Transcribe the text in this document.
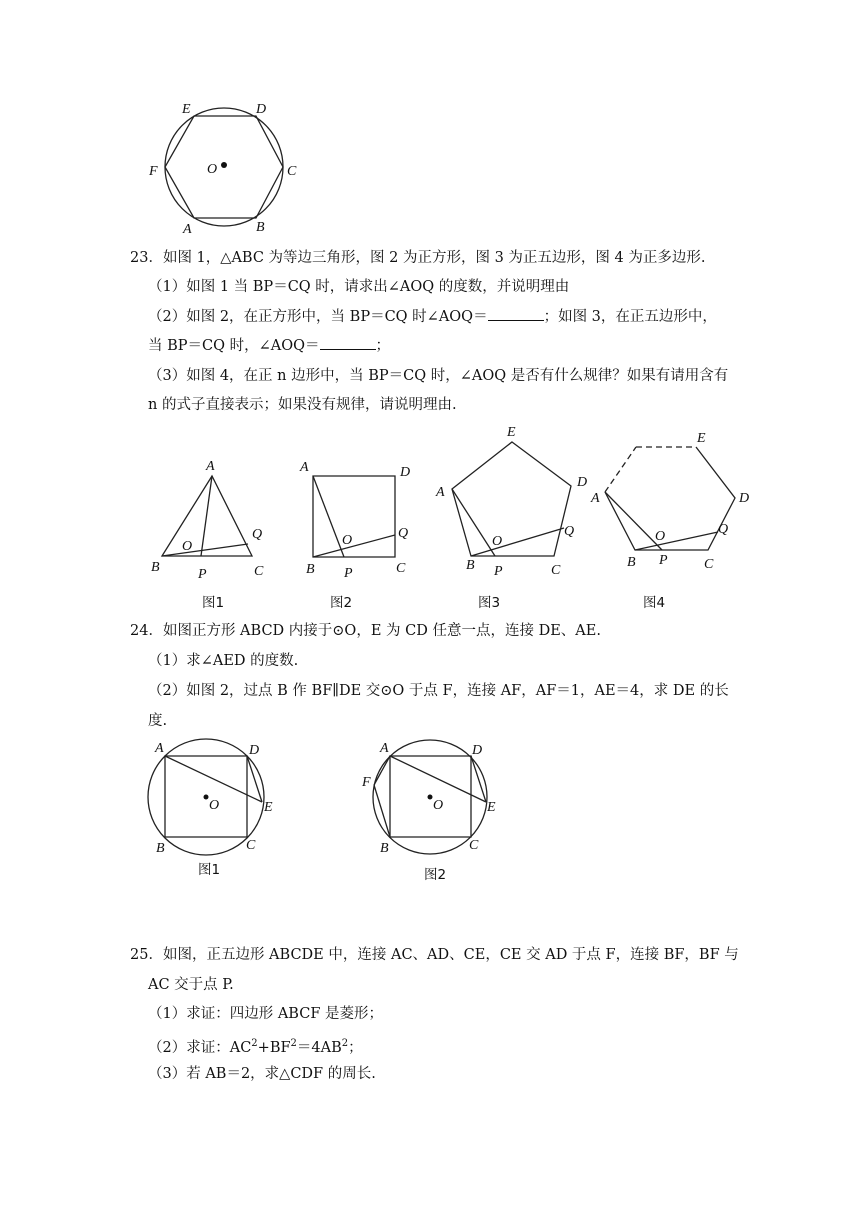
E	D
F	O	C
A	B
23．如图 1，△ABC 为等边三角形，图 2 为正方形，图 3 为正五边形，图 4 为正多边形.
（1）如图 1 当 BP＝CQ 时，请求出∠AOQ 的度数，并说明理由
（2）如图 2，在正方形中，当 BP＝CQ 时∠AOQ＝	；如图 3，在正五边形中，
当 BP＝CQ 时，∠AOQ＝	；
（3）如图 4，在正 n 边形中，当 BP＝CQ 时，∠AOQ 是否有什么规律？如果有请用含有
n 的式子直接表示；如果没有规律，请说明理由.
A
B	C
O
P
Q
图1
A	D
B	C
O
P
Q
图2
E
D
A
B	C
O
P
Q
图3
E
D
A
B	C
O
P
Q
图4
24．如图正方形 ABCD 内接于⊙O，E 为 CD 任意一点，连接 DE、AE.
（1）求∠AED 的度数.
（2）如图 2，过点 B 作 BF∥DE 交⊙O 于点 F，连接 AF，AF＝1，AE＝4，求 DE 的长
度.
A	D
O	E
B	C
图1
A	D
F
O	E
B	C
图2
25．如图，正五边形 ABCDE 中，连接 AC、AD、CE，CE 交 AD 于点 F，连接 BF，BF 与
AC 交于点 P.
（1）求证：四边形 ABCF 是菱形；
（2）求证：$AC^2+BF^2=4AB^2$；
（3）若 AB＝2，求△CDF 的周长.
